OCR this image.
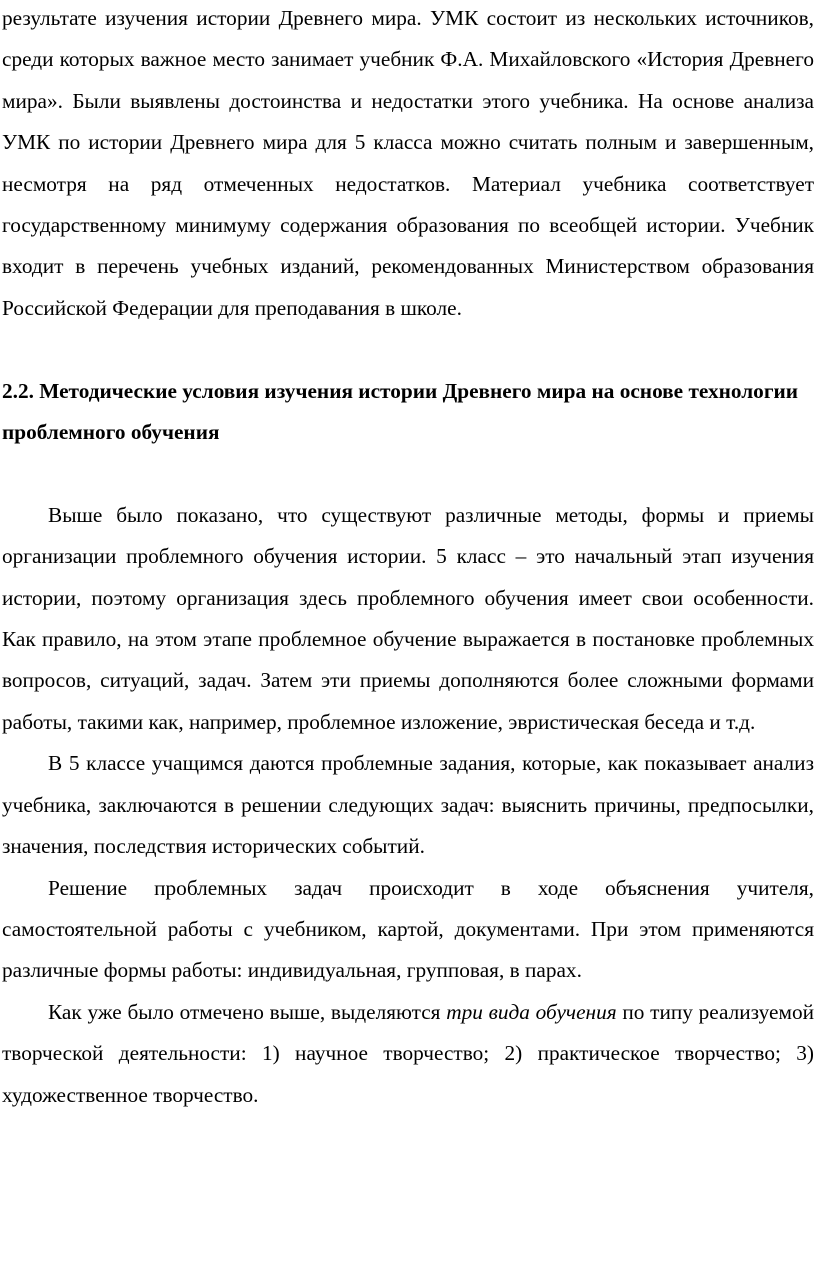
результате изучения истории Древнего мира. УМК состоит из нескольких источников, среди которых важное место занимает учебник Ф.А. Михайловского «История Древнего мира». Были выявлены достоинства и недостатки этого учебника. На основе анализа УМК по истории Древнего мира для 5 класса можно считать полным и завершенным, несмотря на ряд отмеченных недостатков. Материал учебника соответствует государственному минимуму содержания образования по всеобщей истории. Учебник входит в перечень учебных изданий, рекомендованных Министерством образования Российской Федерации для преподавания в школе.

2.2. Методические условия изучения истории Древнего мира на основе технологии проблемного обучения

Выше было показано, что существуют различные методы, формы и приемы организации проблемного обучения истории. 5 класс – это начальный этап изучения истории, поэтому организация здесь проблемного обучения имеет свои особенности. Как правило, на этом этапе проблемное обучение выражается в постановке проблемных вопросов, ситуаций, задач. Затем эти приемы дополняются более сложными формами работы, такими как, например, проблемное изложение, эвристическая беседа и т.д.

В 5 классе учащимся даются проблемные задания, которые, как показывает анализ учебника, заключаются в решении следующих задач: выяснить причины, предпосылки, значения, последствия исторических событий.

Решение проблемных задач происходит в ходе объяснения учителя, самостоятельной работы с учебником, картой, документами. При этом применяются различные формы работы: индивидуальная, групповая, в парах.

Как уже было отмечено выше, выделяются три вида обучения по типу реализуемой творческой деятельности: 1) научное творчество; 2) практическое творчество; 3) художественное творчество.
